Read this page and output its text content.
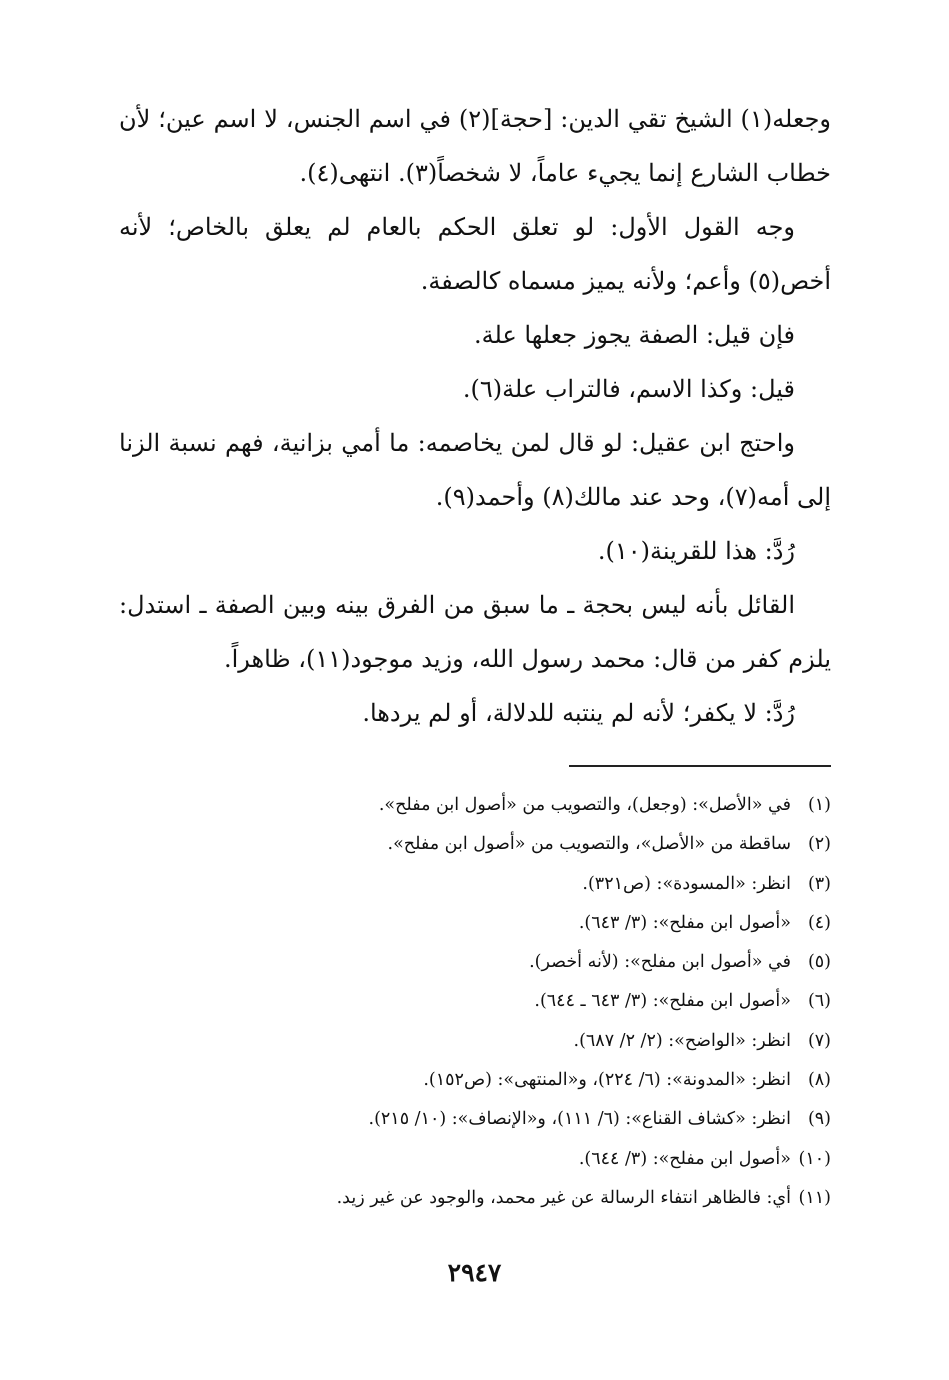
وجعله(١) الشيخ تقي الدين: [حجة](٢) في اسم الجنس، لا اسم عين؛ لأن خطاب الشارع إنما يجيء عاماً، لا شخصاً(٣). انتهى(٤).

وجه القول الأول: لو تعلق الحكم بالعام لم يعلق بالخاص؛ لأنه أخص(٥) وأعم؛ ولأنه يميز مسماه كالصفة.

فإن قيل: الصفة يجوز جعلها علة.

قيل: وكذا الاسم، فالتراب علة(٦).

واحتج ابن عقيل: لو قال لمن يخاصمه: ما أمي بزانية، فهم نسبة الزنا إلى أمه(٧)، وحد عند مالك(٨) وأحمد(٩).

رُدَّ: هذا للقرينة(١٠).

القائل بأنه ليس بحجة ـ ما سبق من الفرق بينه وبين الصفة ـ استدل: يلزم كفر من قال: محمد رسول الله، وزيد موجود(١١)، ظاهراً.

رُدَّ: لا يكفر؛ لأنه لم ينتبه للدلالة، أو لم يردها.

(١)
في «الأصل»: (وجعل)، والتصويب من «أصول ابن مفلح».
(٢)
ساقطة من «الأصل»، والتصويب من «أصول ابن مفلح».
(٣)
انظر: «المسودة»: (ص٣٢١).
(٤)
«أصول ابن مفلح»: (٣/ ٦٤٣).
(٥)
في «أصول ابن مفلح»: (لأنه أخصر).
(٦)
«أصول ابن مفلح»: (٣/ ٦٤٣ ـ ٦٤٤).
(٧)
انظر: «الواضح»: (٢/ ٢/ ٦٨٧).
(٨)
انظر: «المدونة»: (٦/ ٢٢٤)، و«المنتهى»: (ص١٥٢).
(٩)
انظر: «كشاف القناع»: (٦/ ١١١)، و«الإنصاف»: (١٠/ ٢١٥).
(١٠)
«أصول ابن مفلح»: (٣/ ٦٤٤).
(١١)
أي: فالظاهر انتفاء الرسالة عن غير محمد، والوجود عن غير زيد.
٢٩٤٧
